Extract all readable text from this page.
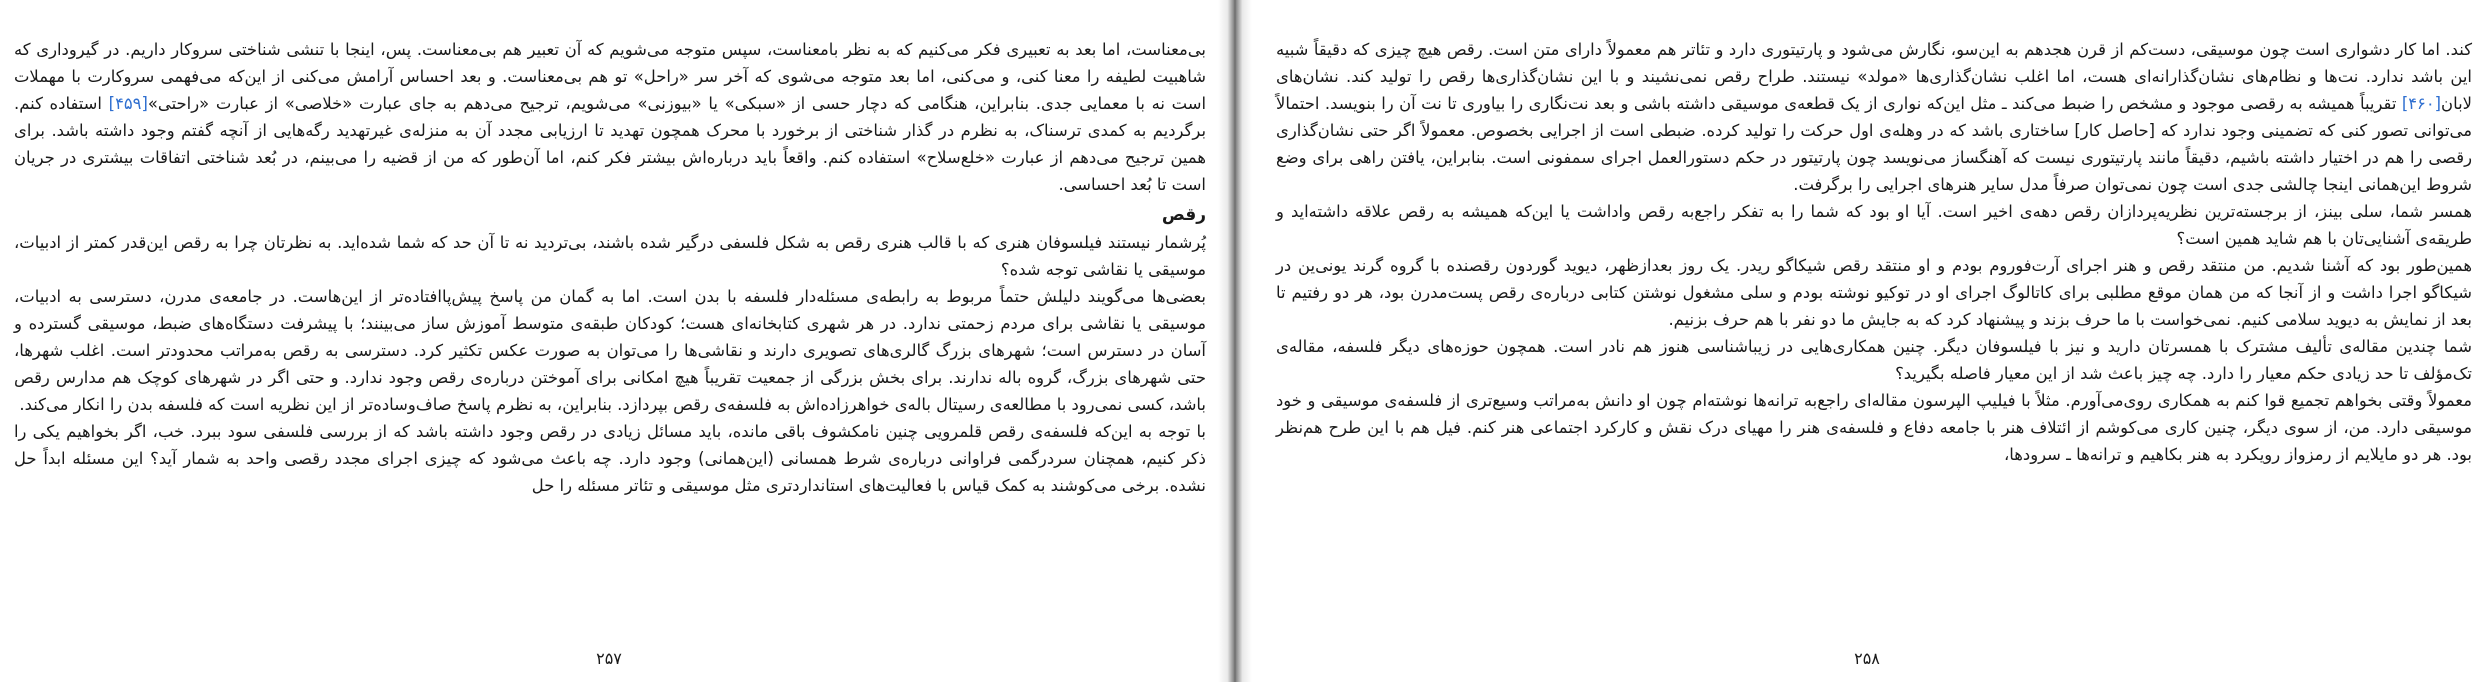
بی‌معناست، اما بعد به تعبیری فکر می‌کنیم که به نظر بامعناست، سپس متوجه می‌شویم که آن تعبیر هم بی‌معناست. پس، اینجا با تنشی شناختی سروکار داریم. در گیروداری که شاهبیت لطیفه را معنا کنی، و می‌کنی، اما بعد متوجه می‌شوی که آخر سر «راحل» تو هم بی‌معناست. و بعد احساس آرامش می‌کنی از این‌که می‌فهمی سروکارت با مهملات است نه با معمایی جدی. بنابراین، هنگامی که دچار حسی از «سبکی» یا «بیوزنی» می‌شویم، ترجیح می‌دهم به جای عبارت «خلاصی» از عبارت «راحتی»[۴۵۹] استفاده کنم. برگردیم به کمدی ترسناک، به نظرم در گذار شناختی از برخورد با محرک همچون تهدید تا ارزیابی مجدد آن به منزله‌ی غیرتهدید رگه‌هایی از آنچه گفتم وجود داشته باشد. برای همین ترجیح می‌دهم از عبارت «خلع‌سلاح» استفاده کنم. واقعاً باید درباره‌اش بیشتر فکر کنم، اما آن‌طور که من از قضیه را می‌بینم، در بُعد شناختی اتفاقات بیشتری در جریان است تا بُعد احساسی.

رقص

پُرشمار نیستند فیلسوفان هنری که با قالب هنری رقص به شکل فلسفی درگیر شده باشند، بی‌تردید نه تا آن حد که شما شده‌اید. به نظرتان چرا به رقص این‌قدر کمتر از ادبیات، موسیقی یا نقاشی توجه شده؟

بعضی‌ها می‌گویند دلیلش حتماً مربوط به رابطه‌ی مسئله‌دار فلسفه با بدن است. اما به گمان من پاسخ پیش‌پاافتاده‌تر از این‌هاست. در جامعه‌ی مدرن، دسترسی به ادبیات، موسیقی یا نقاشی برای مردم زحمتی ندارد. در هر شهری کتابخانه‌ای هست؛ کودکان طبقه‌ی متوسط آموزش ساز می‌بینند؛ با پیشرفت دستگاه‌های ضبط، موسیقی گسترده و آسان در دسترس است؛ شهرهای بزرگ گالری‌های تصویری دارند و نقاشی‌ها را می‌توان به صورت عکس تکثیر کرد. دسترسی به رقص به‌مراتب محدودتر است. اغلب شهرها، حتی شهرهای بزرگ، گروه باله ندارند. برای بخش بزرگی از جمعیت تقریباً هیچ امکانی برای آموختن درباره‌ی رقص وجود ندارد. و حتی اگر در شهرهای کوچک هم مدارس رقص باشد، کسی نمی‌رود با مطالعه‌ی رسیتال باله‌ی خواهرزاده‌اش به فلسفه‌ی رقص بپردازد. بنابراین، به نظرم پاسخ صاف‌وساده‌تر از این نظریه است که فلسفه بدن را انکار می‌کند.

با توجه به این‌که فلسفه‌ی رقص قلمرویی چنین نامکشوف باقی مانده، باید مسائل زیادی در رقص وجود داشته باشد که از بررسی فلسفی سود ببرد. خب، اگر بخواهیم یکی را ذکر کنیم، همچنان سردرگمی فراوانی درباره‌ی شرط همسانی (این‌همانی) وجود دارد. چه باعث می‌شود که چیزی اجرای مجدد رقصی واحد به شمار آید؟ این مسئله ابداً حل نشده. برخی می‌کوشند به کمک قیاس با فعالیت‌های استانداردتری مثل موسیقی و تئاتر مسئله را حل

۲۵۷

کند. اما کار دشواری است چون موسیقی، دست‌کم از قرن هجدهم به این‌سو، نگارش می‌شود و پارتیتوری دارد و تئاتر هم معمولاً دارای متن است. رقص هیچ چیزی که دقیقاً شبیه این باشد ندارد. نت‌ها و نظام‌های نشان‌گذارانه‌ای هست، اما اغلب نشان‌گذاری‌ها «مولد» نیستند. طراح رقص نمی‌نشیند و با این نشان‌گذاری‌ها رقص را تولید کند. نشان‌های لابان[۴۶۰] تقریباً همیشه به رقصی موجود و مشخص را ضبط می‌کند ـ مثل این‌که نواری از یک قطعه‌ی موسیقی داشته باشی و بعد نت‌نگاری را بیاوری تا نت آن را بنویسد. احتمالاً می‌توانی تصور کنی که تضمینی وجود ندارد که [حاصل کار] ساختاری باشد که در وهله‌ی اول حرکت را تولید کرده. ضبطی است از اجرایی بخصوص. معمولاً اگر حتی نشان‌گذاری رقصی را هم در اختیار داشته باشیم، دقیقاً مانند پارتیتوری نیست که آهنگساز می‌نویسد چون پارتیتور در حکم دستورالعمل اجرای سمفونی است. بنابراین، یافتن راهی برای وضع شروط این‌همانی اینجا چالشی جدی است چون نمی‌توان صرفاً مدل سایر هنرهای اجرایی را برگرفت.

همسر شما، سلی بینز، از برجسته‌ترین نظریه‌پردازان رقص دهه‌ی اخیر است. آیا او بود که شما را به تفکر راجع‌به رقص واداشت یا این‌که همیشه به رقص علاقه داشته‌اید و طریقه‌ی آشنایی‌تان با هم شاید همین است؟

همین‌طور بود که آشنا شدیم. من منتقد رقص و هنر اجرای آرت‌فوروم بودم و او منتقد رقص شیکاگو ریدر. یک روز بعدازظهر، دیوید گوردون رقصنده با گروه گرند یونی‌ین در شیکاگو اجرا داشت و از آنجا که من همان موقع مطلبی برای کاتالوگ اجرای او در توکیو نوشته بودم و سلی مشغول نوشتن کتابی درباره‌ی رقص پست‌مدرن بود، هر دو رفتیم تا بعد از نمایش به دیوید سلامی کنیم. نمی‌خواست با ما حرف بزند و پیشنهاد کرد که به جایش ما دو نفر با هم حرف بزنیم.

شما چندین مقاله‌ی تألیف مشترک با همسرتان دارید و نیز با فیلسوفان دیگر. چنین همکاری‌هایی در زیباشناسی هنوز هم نادر است. همچون حوزه‌های دیگر فلسفه، مقاله‌ی تک‌مؤلف تا حد زیادی حکم معیار را دارد. چه چیز باعث شد از این معیار فاصله بگیرید؟

معمولاً وقتی بخواهم تجمیع قوا کنم به همکاری روی‌می‌آورم. مثلاً با فیلیپ الپرسون مقاله‌ای راجع‌به ترانه‌ها نوشته‌ام چون او دانش به‌مراتب وسیع‌تری از فلسفه‌ی موسیقی و خود موسیقی دارد. من، از سوی دیگر، چنین کاری می‌کوشم از ائتلاف هنر با جامعه دفاع و فلسفه‌ی هنر را مهیای درک نقش و کارکرد اجتماعی هنر کنم. فیل هم با این طرح هم‌نظر بود. هر دو مایلایم از رمزواز رویکرد به هنر بکاهیم و ترانه‌ها ـ سرودها،

۲۵۸
